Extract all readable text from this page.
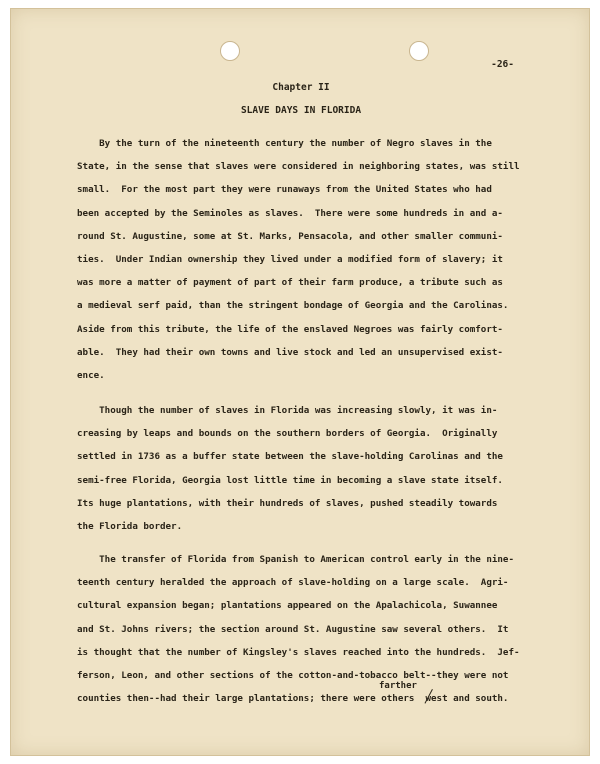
-26-
Chapter II
SLAVE DAYS IN FLORIDA
By the turn of the nineteenth century the number of Negro slaves in the
State, in the sense that slaves were considered in neighboring states, was still
small.  For the most part they were runaways from the United States who had
been accepted by the Seminoles as slaves.  There were some hundreds in and a-
round St. Augustine, some at St. Marks, Pensacola, and other smaller communi-
ties.  Under Indian ownership they lived under a modified form of slavery; it
was more a matter of payment of part of their farm produce, a tribute such as
a medieval serf paid, than the stringent bondage of Georgia and the Carolinas.
Aside from this tribute, the life of the enslaved Negroes was fairly comfort-
able.  They had their own towns and live stock and led an unsupervised exist-
ence.
Though the number of slaves in Florida was increasing slowly, it was in-
creasing by leaps and bounds on the southern borders of Georgia.  Originally
settled in 1736 as a buffer state between the slave-holding Carolinas and the
semi-free Florida, Georgia lost little time in becoming a slave state itself.
Its huge plantations, with their hundreds of slaves, pushed steadily towards
the Florida border.
The transfer of Florida from Spanish to American control early in the nine-
teenth century heralded the approach of slave-holding on a large scale.  Agri-
cultural expansion began; plantations appeared on the Apalachicola, Suwannee
and St. Johns rivers; the section around St. Augustine saw several others.  It
is thought that the number of Kingsley's slaves reached into the hundreds.  Jef-
ferson, Leon, and other sections of the cotton-and-tobacco belt--they were not
counties then--had their large plantations; there were others  west and south.
farther
